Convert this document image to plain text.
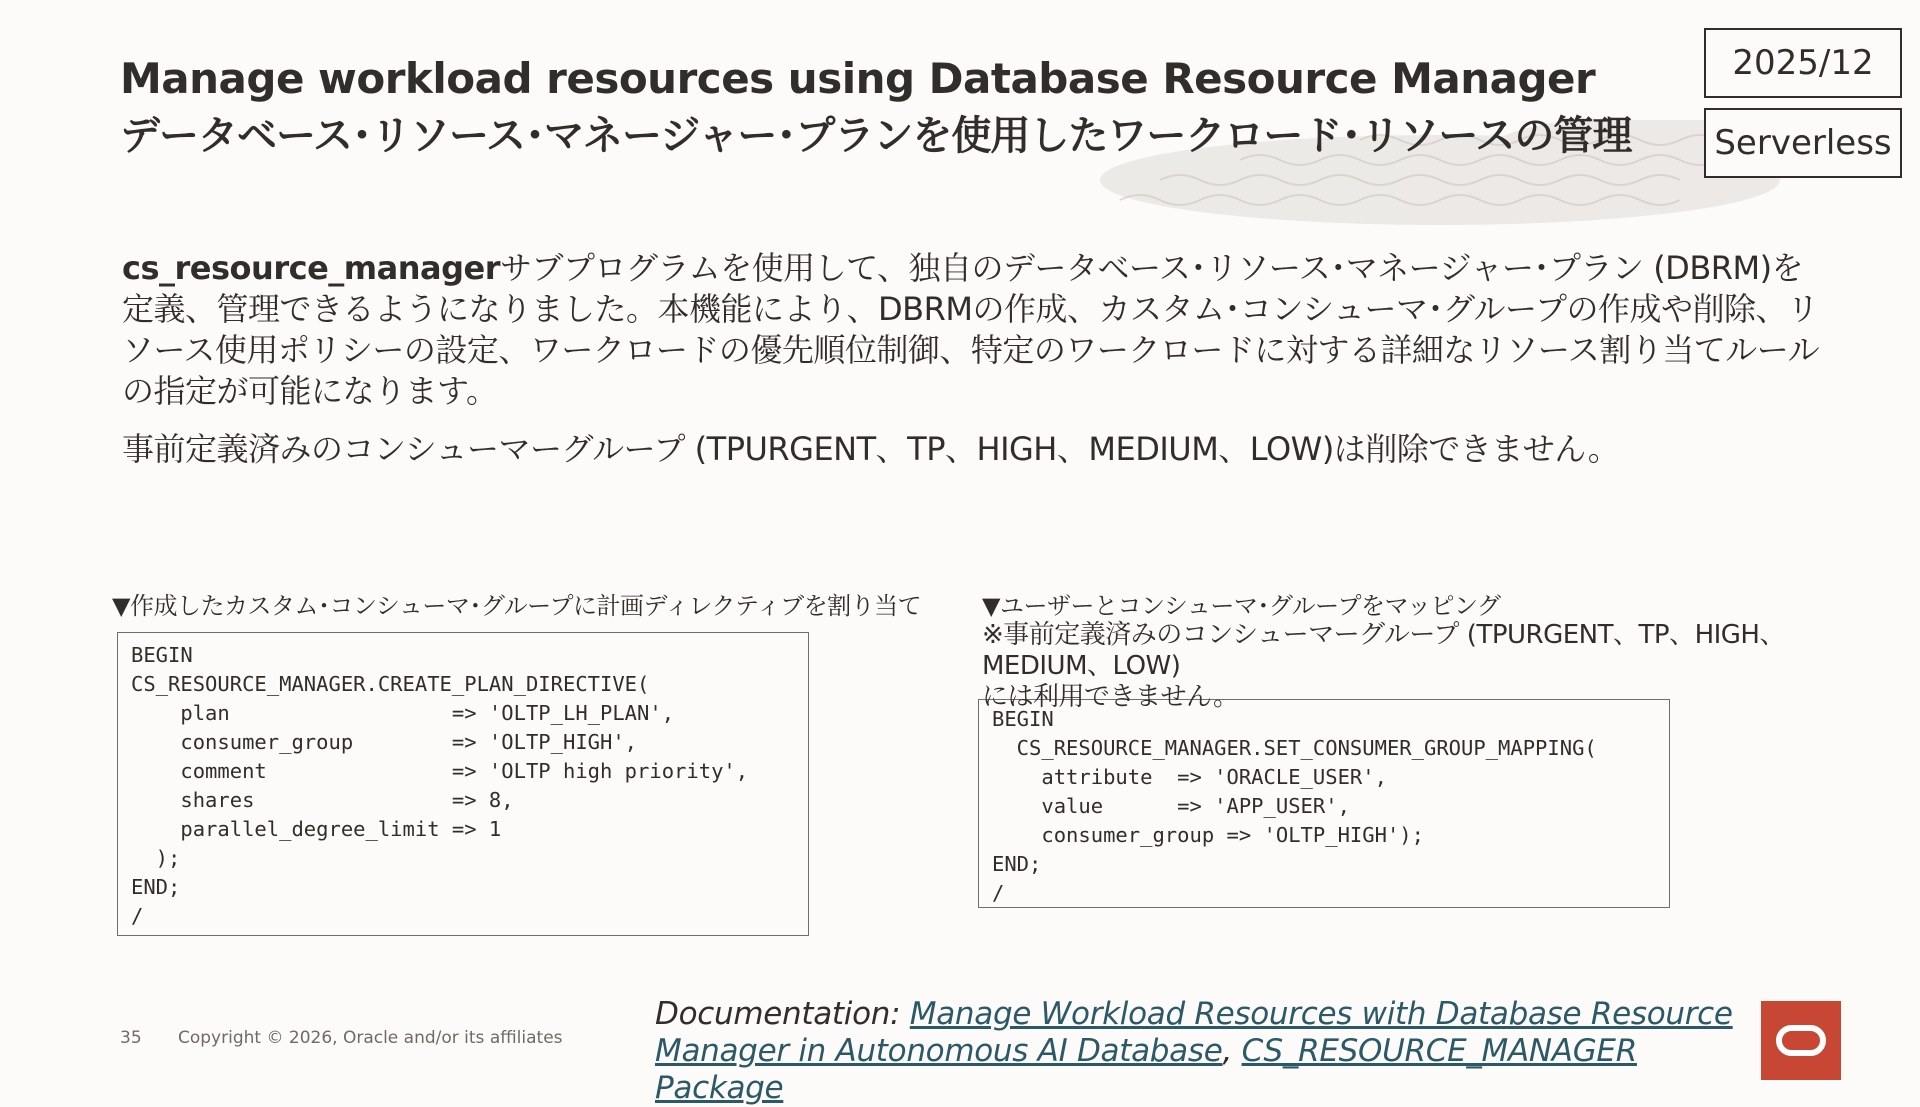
Manage workload resources using Database Resource Manager
データベース･リソース･マネージャー･プランを使用したワークロード･リソースの管理
2025/12
Serverless
cs_resource_managerサブプログラムを使用して、独自のデータベース･リソース･マネージャー･プラン (DBRM)を定義、管理できるようになりました。本機能により、DBRMの作成、カスタム･コンシューマ･グループの作成や削除、リソース使用ポリシーの設定、ワークロードの優先順位制御、特定のワークロードに対する詳細なリソース割り当てルールの指定が可能になります。
事前定義済みのコンシューマーグループ (TPURGENT、TP、HIGH、MEDIUM、LOW)は削除できません。
▼作成したカスタム･コンシューマ･グループに計画ディレクティブを割り当て
BEGIN
CS_RESOURCE_MANAGER.CREATE_PLAN_DIRECTIVE(
plan                  => 'OLTP_LH_PLAN',
consumer_group        => 'OLTP_HIGH',
comment               => 'OLTP high priority',
shares                => 8,
parallel_degree_limit => 1
);
END;
/
BEGIN
CS_RESOURCE_MANAGER.SET_CONSUMER_GROUP_MAPPING(
attribute  => 'ORACLE_USER',
value      => 'APP_USER',
consumer_group => 'OLTP_HIGH');
END;
/
▼ユーザーとコンシューマ･グループをマッピング
※事前定義済みのコンシューマーグループ (TPURGENT、TP、HIGH、MEDIUM、LOW)
には利用できません。
35 Copyright © 2026, Oracle and/or its affiliates
Documentation: Manage Workload Resources with Database Resource Manager in Autonomous AI Database, CS_RESOURCE_MANAGER Package
